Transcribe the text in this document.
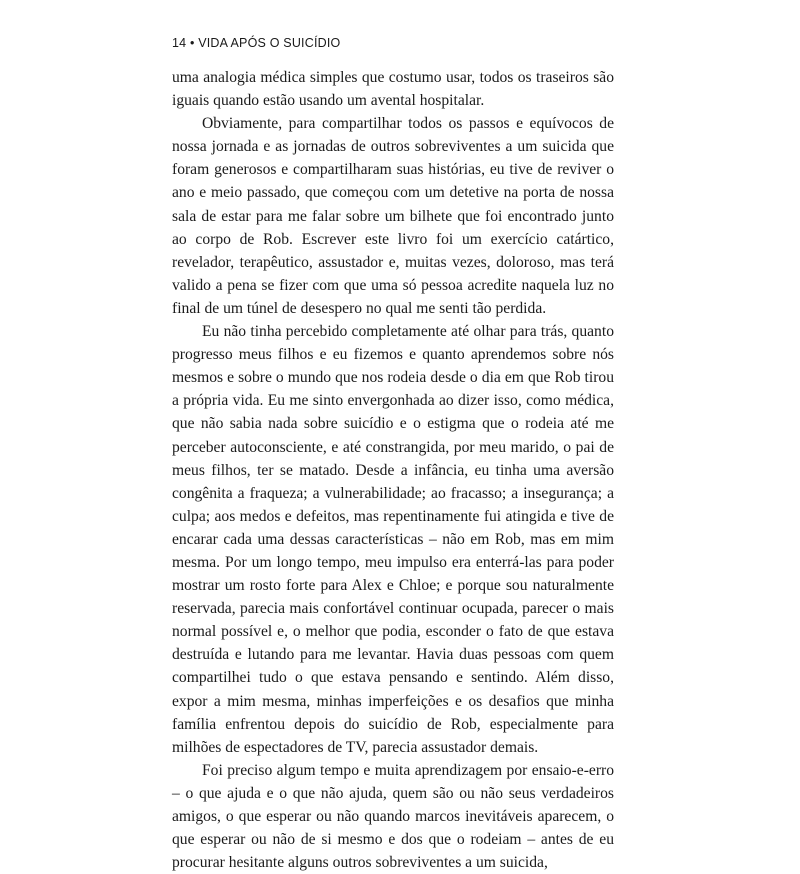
14 • VIDA APÓS O SUICÍDIO

uma analogia médica simples que costumo usar, todos os traseiros são iguais quando estão usando um avental hospitalar.

Obviamente, para compartilhar todos os passos e equívocos de nossa jornada e as jornadas de outros sobreviventes a um suicida que foram generosos e compartilharam suas histórias, eu tive de reviver o ano e meio passado, que começou com um detetive na porta de nossa sala de estar para me falar sobre um bilhete que foi encontrado junto ao corpo de Rob. Escrever este livro foi um exercício catártico, revelador, terapêutico, assustador e, muitas vezes, doloroso, mas terá valido a pena se fizer com que uma só pessoa acredite naquela luz no final de um túnel de desespero no qual me senti tão perdida.

Eu não tinha percebido completamente até olhar para trás, quanto progresso meus filhos e eu fizemos e quanto aprendemos sobre nós mesmos e sobre o mundo que nos rodeia desde o dia em que Rob tirou a própria vida. Eu me sinto envergonhada ao dizer isso, como médica, que não sabia nada sobre suicídio e o estigma que o rodeia até me perceber autoconsciente, e até constrangida, por meu marido, o pai de meus filhos, ter se matado. Desde a infância, eu tinha uma aversão congênita a fraqueza; a vulnerabilidade; ao fracasso; a insegurança; a culpa; aos medos e defeitos, mas repentinamente fui atingida e tive de encarar cada uma dessas características – não em Rob, mas em mim mesma. Por um longo tempo, meu impulso era enterrá-las para poder mostrar um rosto forte para Alex e Chloe; e porque sou naturalmente reservada, parecia mais confortável continuar ocupada, parecer o mais normal possível e, o melhor que podia, esconder o fato de que estava destruída e lutando para me levantar. Havia duas pessoas com quem compartilhei tudo o que estava pensando e sentindo. Além disso, expor a mim mesma, minhas imperfeições e os desafios que minha família enfrentou depois do suicídio de Rob, especialmente para milhões de espectadores de TV, parecia assustador demais.

Foi preciso algum tempo e muita aprendizagem por ensaio-e-erro – o que ajuda e o que não ajuda, quem são ou não seus verdadeiros amigos, o que esperar ou não quando marcos inevitáveis aparecem, o que esperar ou não de si mesmo e dos que o rodeiam – antes de eu procurar hesitante alguns outros sobreviventes a um suicida,
